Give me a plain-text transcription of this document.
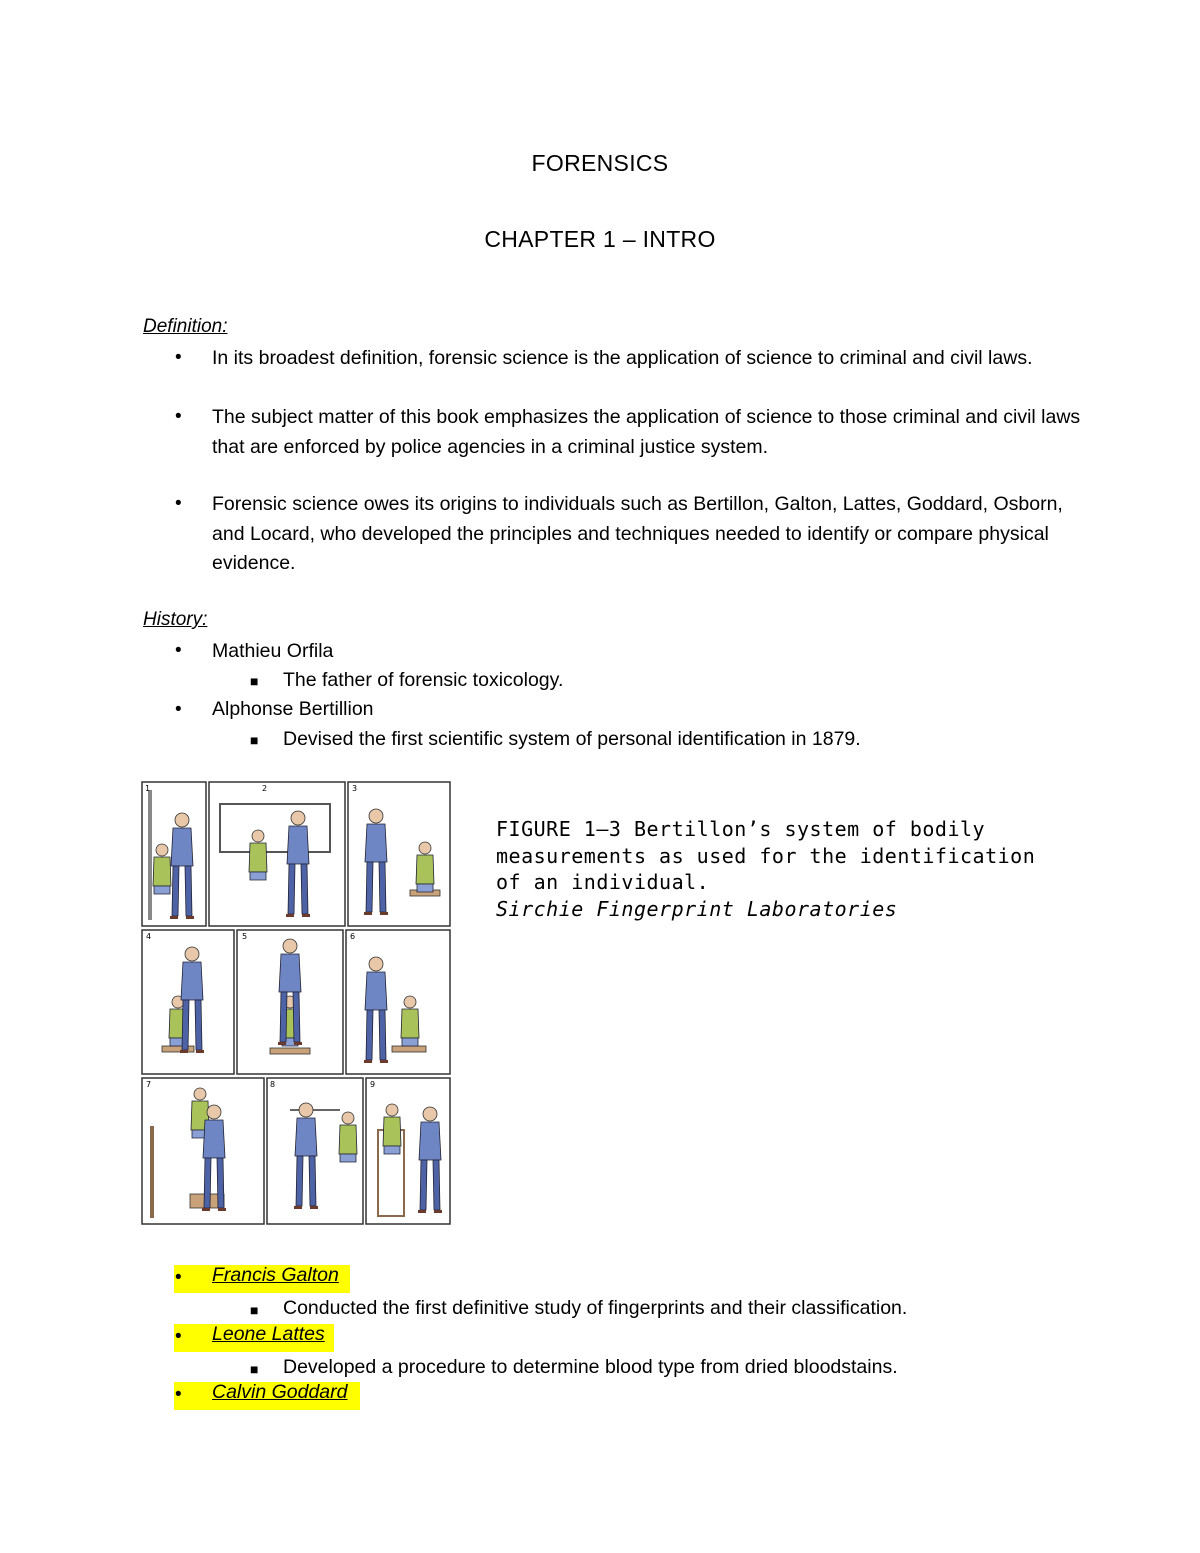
FORENSICS
CHAPTER 1 – INTRO
Definition:
• In its broadest definition, forensic science is the application of science to criminal and civil laws.
• The subject matter of this book emphasizes the application of science to those criminal and civil laws that are enforced by police agencies in a criminal justice system.
• Forensic science owes its origins to individuals such as Bertillon, Galton, Lattes, Goddard, Osborn, and Locard, who developed the principles and techniques needed to identify or compare physical evidence.
History:
• Mathieu Orfila
■ The father of forensic toxicology.
• Alphonse Bertillion
■ Devised the first scientific system of personal identification in 1879.
1	2	3
4	5	6
7	8	9
FIGURE 1–3 Bertillon’s system of bodily measurements as used for the identification of an individual.
Sirchie Fingerprint Laboratories
• Francis Galton
■ Conducted the first definitive study of fingerprints and their classification.
• Leone Lattes
■ Developed a procedure to determine blood type from dried bloodstains.
• Calvin Goddard
